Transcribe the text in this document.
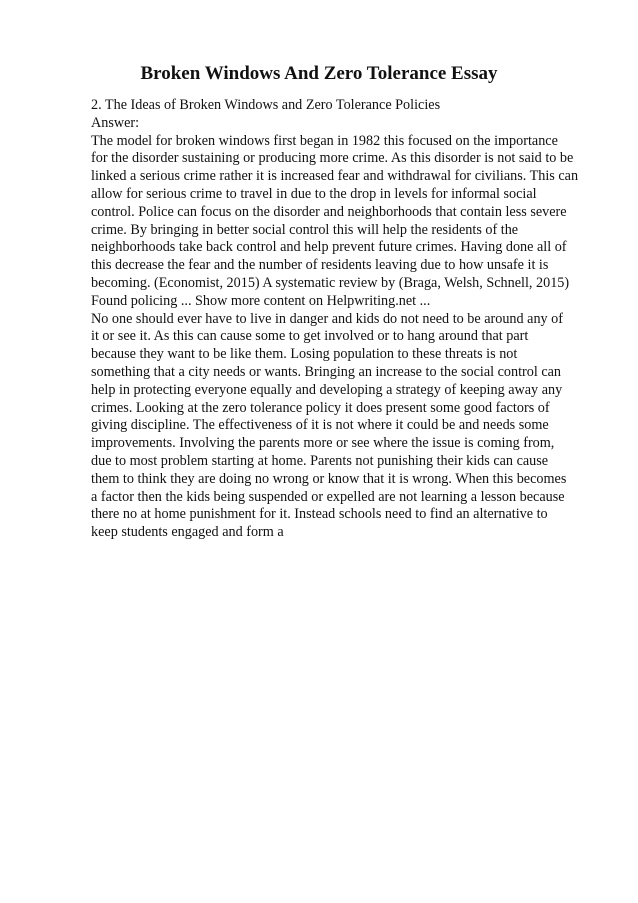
Broken Windows And Zero Tolerance Essay
2. The Ideas of Broken Windows and Zero Tolerance Policies
Answer:
The model for broken windows first began in 1982 this focused on the importance
for the disorder sustaining or producing more crime. As this disorder is not said to be
linked a serious crime rather it is increased fear and withdrawal for civilians. This can
allow for serious crime to travel in due to the drop in levels for informal social
control. Police can focus on the disorder and neighborhoods that contain less severe
crime. By bringing in better social control this will help the residents of the
neighborhoods take back control and help prevent future crimes. Having done all of
this decrease the fear and the number of residents leaving due to how unsafe it is
becoming. (Economist, 2015) A systematic review by (Braga, Welsh, Schnell, 2015)
Found policing ... Show more content on Helpwriting.net ...
No one should ever have to live in danger and kids do not need to be around any of
it or see it. As this can cause some to get involved or to hang around that part
because they want to be like them. Losing population to these threats is not
something that a city needs or wants. Bringing an increase to the social control can
help in protecting everyone equally and developing a strategy of keeping away any
crimes. Looking at the zero tolerance policy it does present some good factors of
giving discipline. The effectiveness of it is not where it could be and needs some
improvements. Involving the parents more or see where the issue is coming from,
due to most problem starting at home. Parents not punishing their kids can cause
them to think they are doing no wrong or know that it is wrong. When this becomes
a factor then the kids being suspended or expelled are not learning a lesson because
there no at home punishment for it. Instead schools need to find an alternative to
keep students engaged and form a
